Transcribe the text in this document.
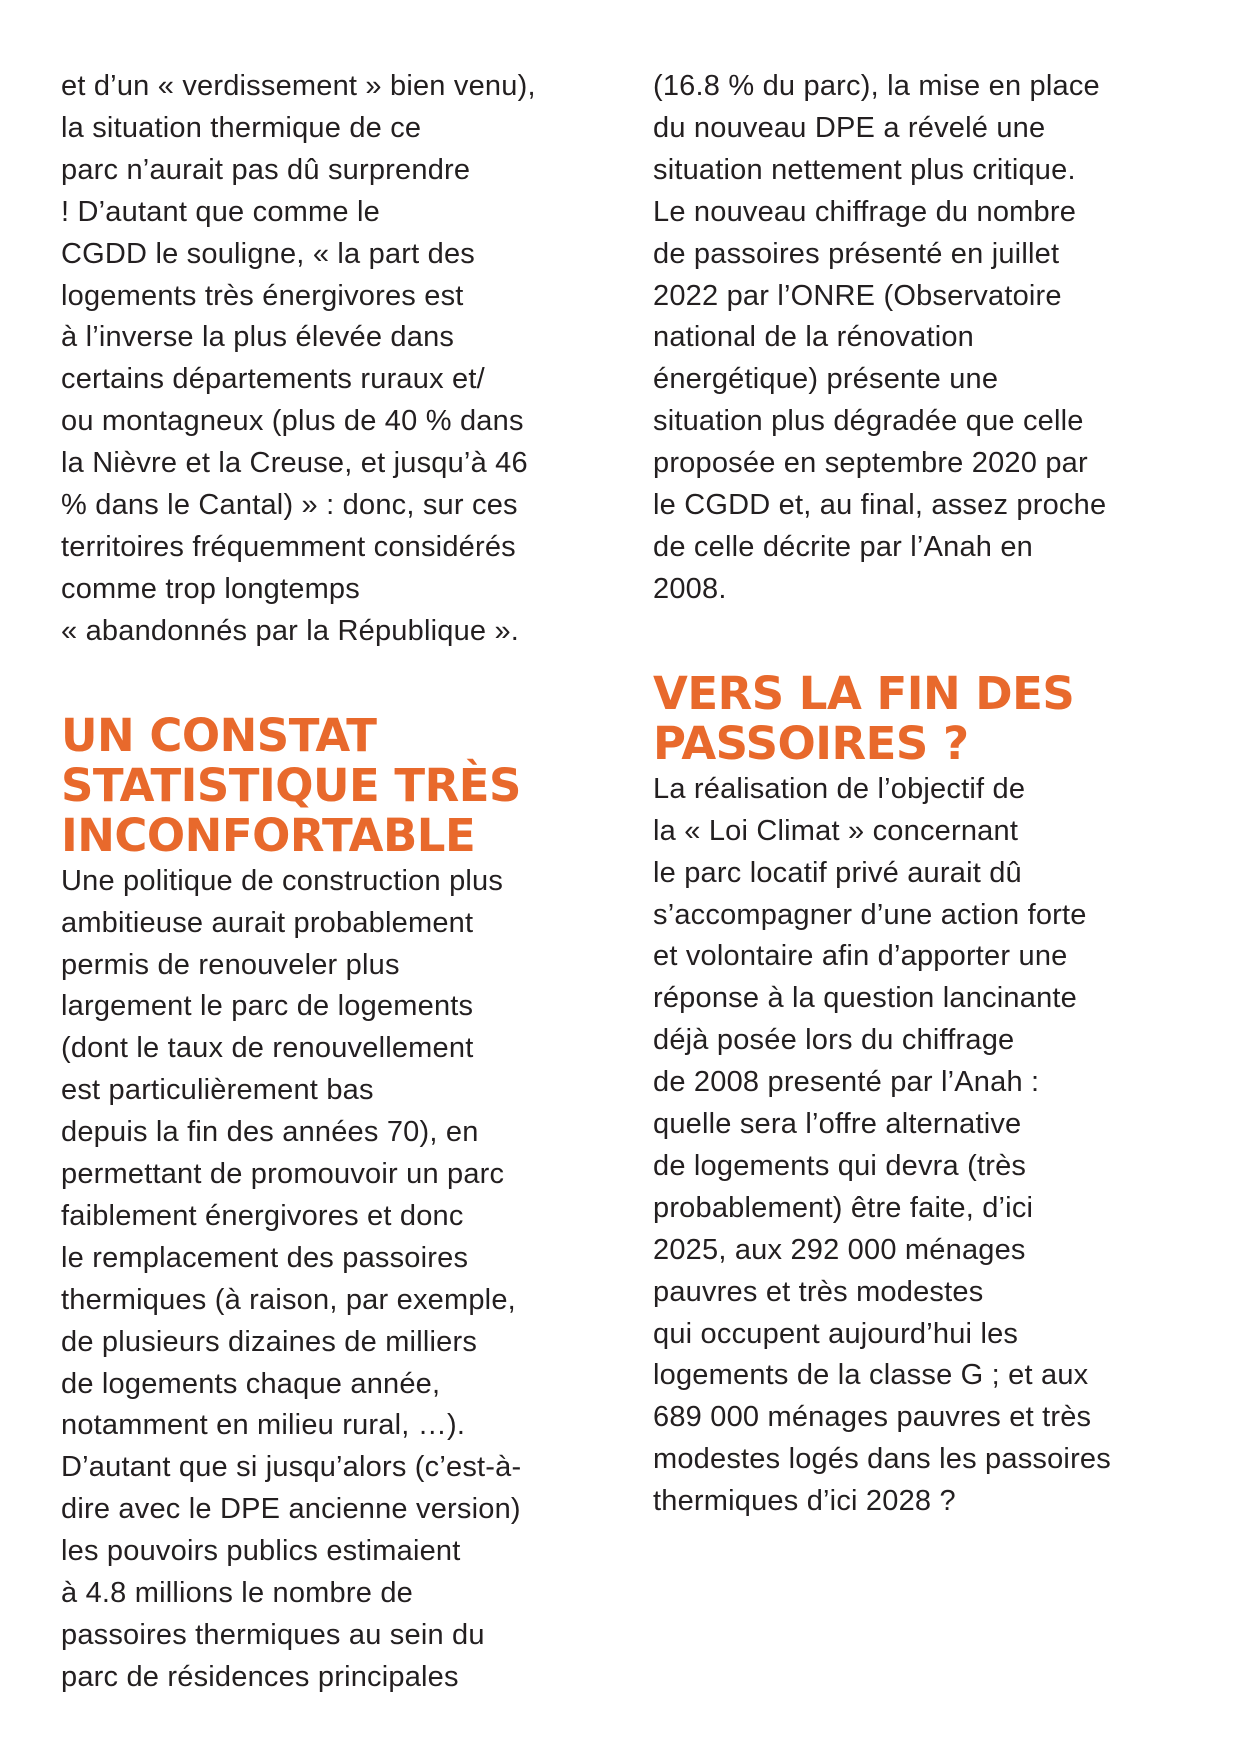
et d’un « verdissement » bien venu),
la situation thermique de ce
parc n’aurait pas dû surprendre
! D’autant que comme le
CGDD le souligne, « la part des
logements très énergivores est
à l’inverse la plus élevée dans
certains départements ruraux et/
ou montagneux (plus de 40 % dans
la Nièvre et la Creuse, et jusqu’à 46
% dans le Cantal) » : donc, sur ces
territoires fréquemment considérés
comme trop longtemps
« abandonnés par la République ».

UN CONSTAT
STATISTIQUE TRÈS
INCONFORTABLE

Une politique de construction plus
ambitieuse aurait probablement
permis de renouveler plus
largement le parc de logements
(dont le taux de renouvellement
est particulièrement bas
depuis la fin des années 70), en
permettant de promouvoir un parc
faiblement énergivores et donc
le remplacement des passoires
thermiques (à raison, par exemple,
de plusieurs dizaines de milliers
de logements chaque année,
notamment en milieu rural, …).
D’autant que si jusqu’alors (c’est-à-
dire avec le DPE ancienne version)
les pouvoirs publics estimaient
à 4.8 millions le nombre de
passoires thermiques au sein du
parc de résidences principales

(16.8 % du parc), la mise en place
du nouveau DPE a révelé une
situation nettement plus critique.
Le nouveau chiffrage du nombre
de passoires présenté en juillet
2022 par l’ONRE (Observatoire
national de la rénovation
énergétique) présente une
situation plus dégradée que celle
proposée en septembre 2020 par
le CGDD et, au final, assez proche
de celle décrite par l’Anah en
2008.

VERS LA FIN DES
PASSOIRES ?

La réalisation de l’objectif de
la « Loi Climat » concernant
le parc locatif privé aurait dû
s’accompagner d’une action forte
et volontaire afin d’apporter une
réponse à la question lancinante
déjà posée lors du chiffrage
de 2008 presenté par l’Anah :
quelle sera l’offre alternative
de logements qui devra (très
probablement) être faite, d’ici
2025, aux 292 000 ménages
pauvres et très modestes
qui occupent aujourd’hui les
logements de la classe G ; et aux
689 000 ménages pauvres et très
modestes logés dans les passoires
thermiques d’ici 2028 ?
